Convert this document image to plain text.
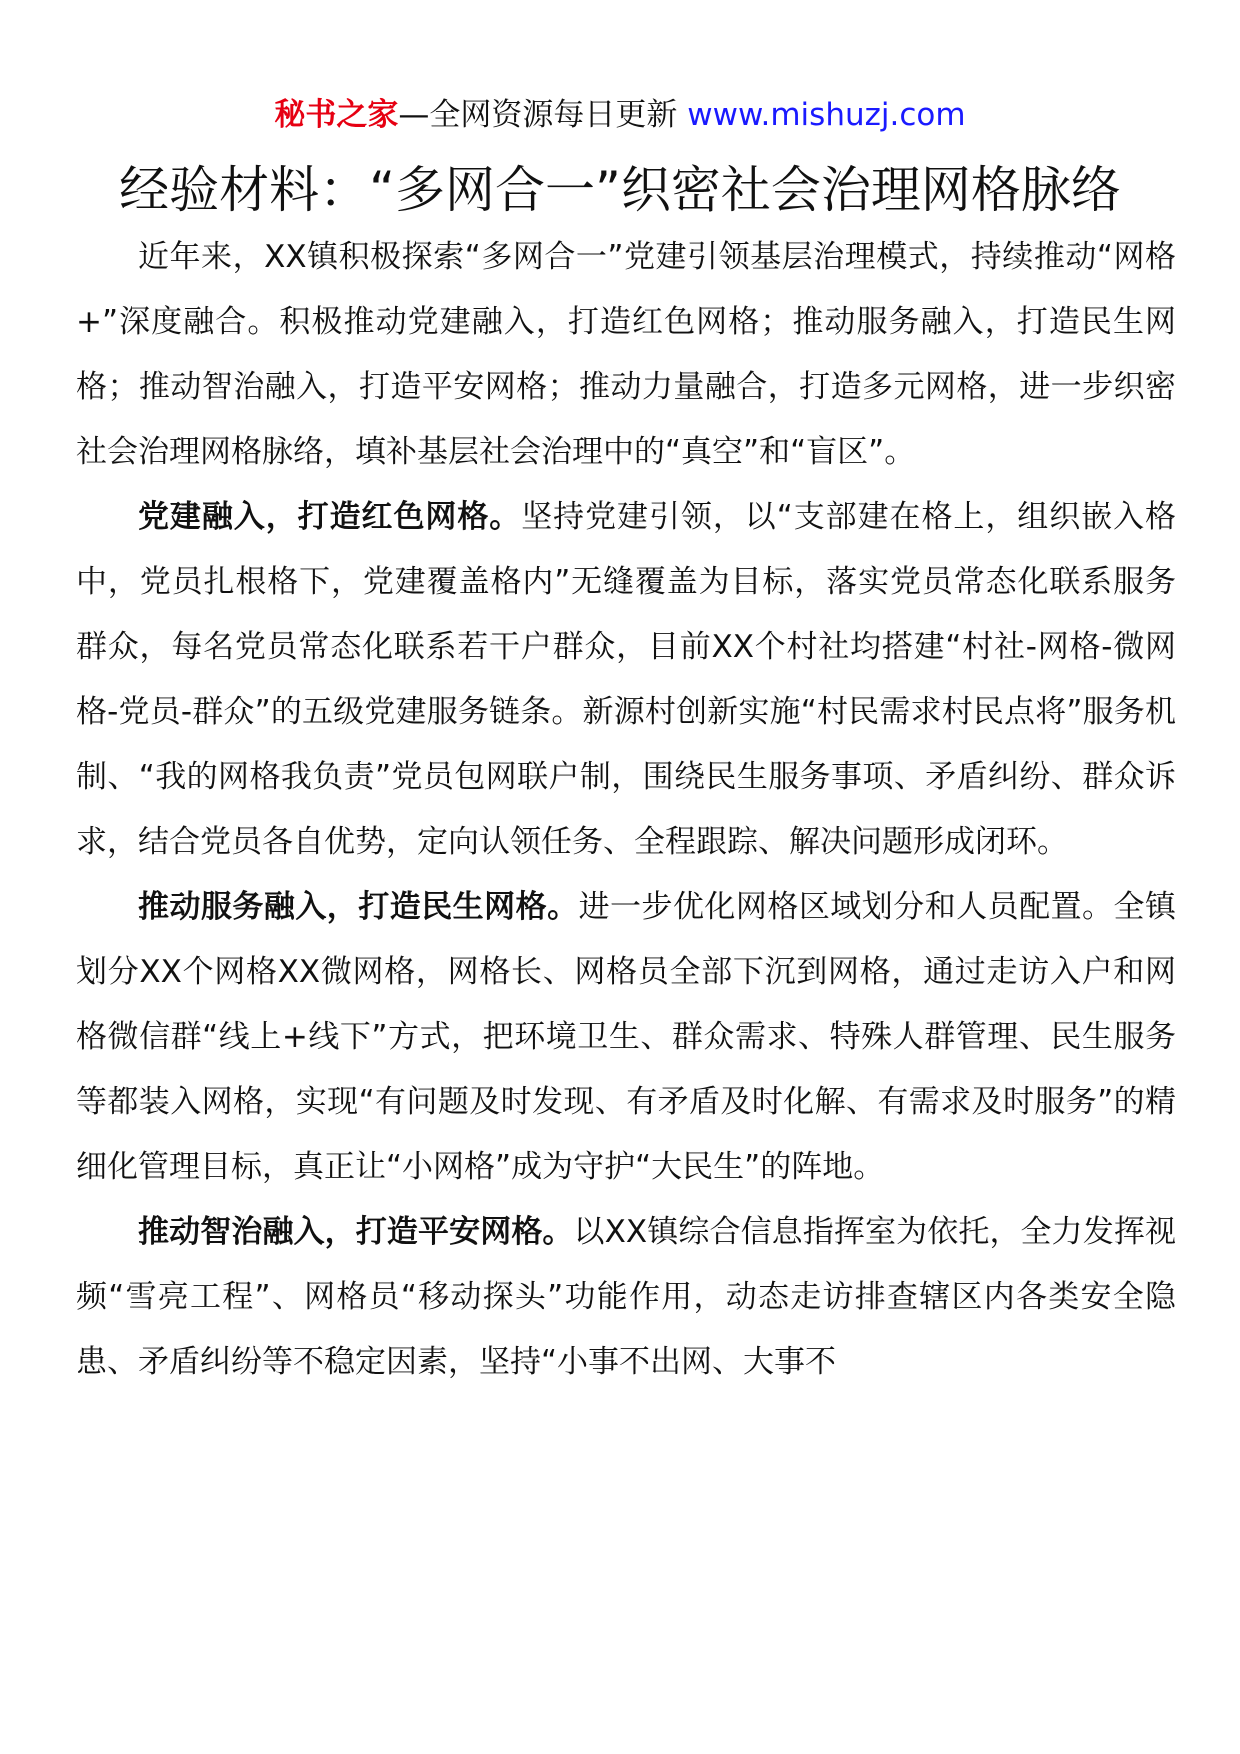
秘书之家—全网资源每日更新 www.mishuzj.com
经验材料：“多网合一”织密社会治理网格脉络

近年来，XX镇积极探索“多网合一”党建引领基层治理模式，持续推动“网格+”深度融合。积极推动党建融入，打造红色网格；推动服务融入，打造民生网格；推动智治融入，打造平安网格；推动力量融合，打造多元网格，进一步织密社会治理网格脉络，填补基层社会治理中的“真空”和“盲区”。

党建融入，打造红色网格。坚持党建引领，以“支部建在格上，组织嵌入格中，党员扎根格下，党建覆盖格内”无缝覆盖为目标，落实党员常态化联系服务群众，每名党员常态化联系若干户群众，目前XX个村社均搭建“村社-网格-微网格-党员-群众”的五级党建服务链条。新源村创新实施“村民需求村民点将”服务机制、“我的网格我负责”党员包网联户制，围绕民生服务事项、矛盾纠纷、群众诉求，结合党员各自优势，定向认领任务、全程跟踪、解决问题形成闭环。

推动服务融入，打造民生网格。进一步优化网格区域划分和人员配置。全镇划分XX个网格XX微网格，网格长、网格员全部下沉到网格，通过走访入户和网格微信群“线上+线下”方式，把环境卫生、群众需求、特殊人群管理、民生服务等都装入网格，实现“有问题及时发现、有矛盾及时化解、有需求及时服务”的精细化管理目标，真正让“小网格”成为守护“大民生”的阵地。

推动智治融入，打造平安网格。以XX镇综合信息指挥室为依托，全力发挥视频“雪亮工程”、网格员“移动探头”功能作用，动态走访排查辖区内各类安全隐患、矛盾纠纷等不稳定因素，坚持“小事不出网、大事不
